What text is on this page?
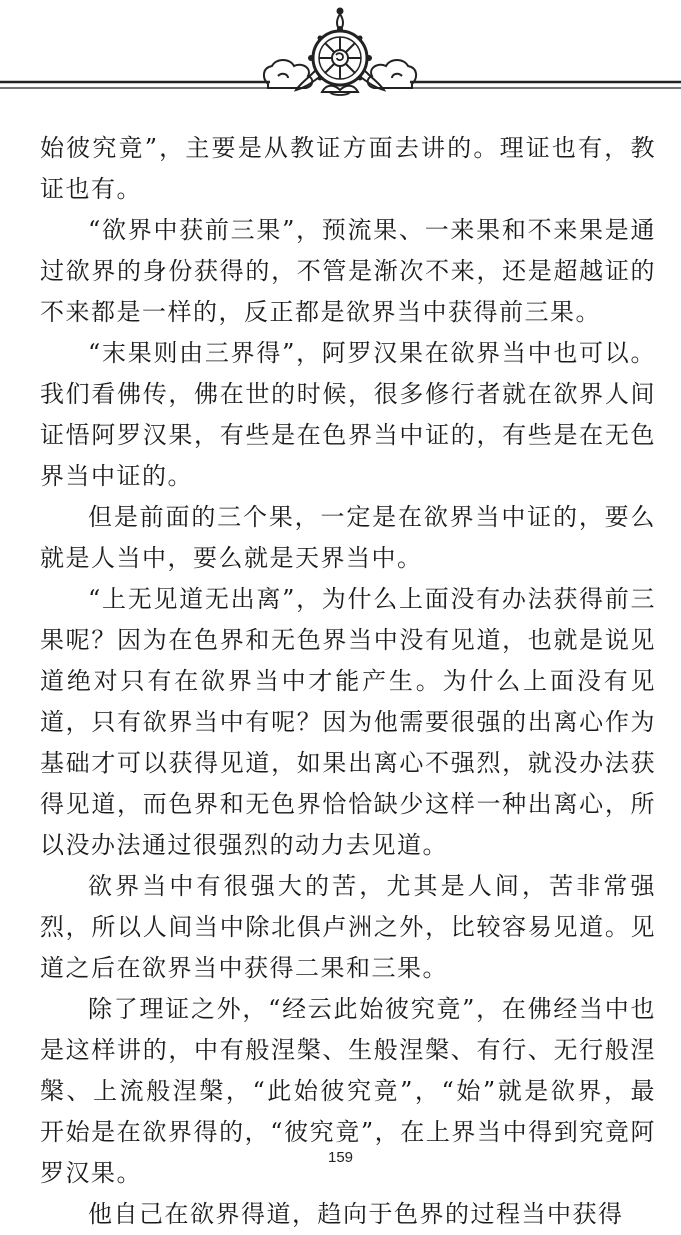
始彼究竟”，主要是从教证方面去讲的。理证也有，教证也有。

“欲界中获前三果”，预流果、一来果和不来果是通过欲界的身份获得的，不管是渐次不来，还是超越证的不来都是一样的，反正都是欲界当中获得前三果。

“末果则由三界得”，阿罗汉果在欲界当中也可以。我们看佛传，佛在世的时候，很多修行者就在欲界人间证悟阿罗汉果，有些是在色界当中证的，有些是在无色界当中证的。

但是前面的三个果，一定是在欲界当中证的，要么就是人当中，要么就是天界当中。

“上无见道无出离”，为什么上面没有办法获得前三果呢？因为在色界和无色界当中没有见道，也就是说见道绝对只有在欲界当中才能产生。为什么上面没有见道，只有欲界当中有呢？因为他需要很强的出离心作为基础才可以获得见道，如果出离心不强烈，就没办法获得见道，而色界和无色界恰恰缺少这样一种出离心，所以没办法通过很强烈的动力去见道。

欲界当中有很强大的苦，尤其是人间，苦非常强烈，所以人间当中除北俱卢洲之外，比较容易见道。见道之后在欲界当中获得二果和三果。

除了理证之外，“经云此始彼究竟”，在佛经当中也是这样讲的，中有般涅槃、生般涅槃、有行、无行般涅槃、上流般涅槃，“此始彼究竟”，“始”就是欲界，最开始是在欲界得的，“彼究竟”，在上界当中得到究竟阿罗汉果。

他自己在欲界得道，趋向于色界的过程当中获得

159
